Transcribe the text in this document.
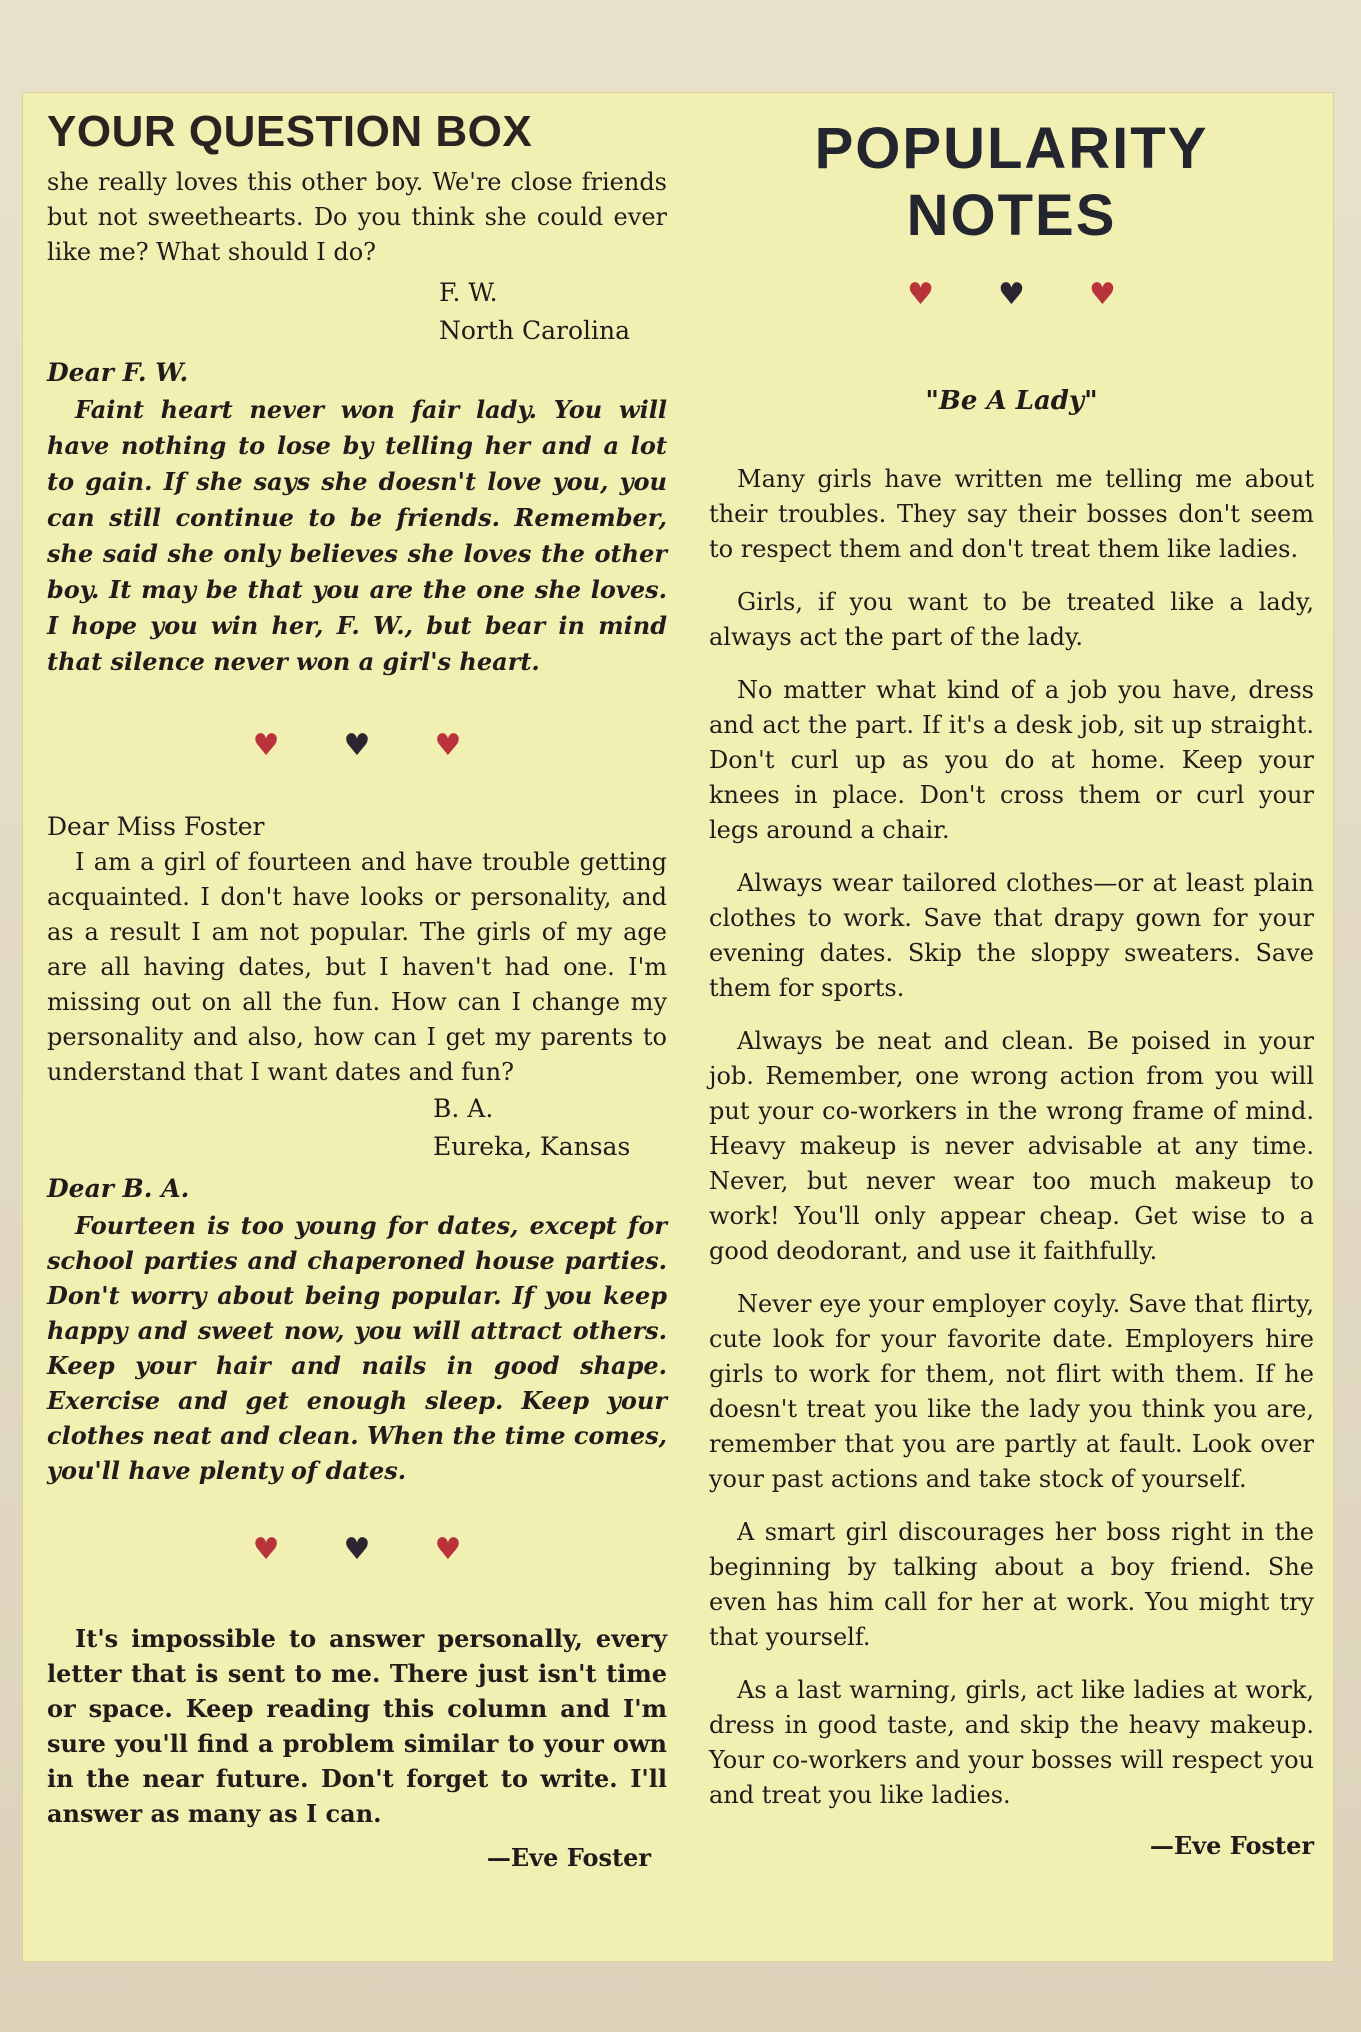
YOUR QUESTION BOX

she really loves this other boy. We're close friends but not sweethearts. Do you think she could ever like me? What should I do?

F. W.
North Carolina
Dear F. W.

Faint heart never won fair lady. You will have nothing to lose by telling her and a lot to gain. If she says she doesn't love you, you can still continue to be friends. Remember, she said she only believes she loves the other boy. It may be that you are the one she loves. I hope you win her, F. W., but bear in mind that silence never won a girl's heart.

♥♥♥
Dear Miss Foster

I am a girl of fourteen and have trouble getting acquainted. I don't have looks or personality, and as a result I am not popular. The girls of my age are all having dates, but I haven't had one. I'm missing out on all the fun. How can I change my personality and also, how can I get my parents to understand that I want dates and fun?

B. A.
Eureka, Kansas
Dear B. A.

Fourteen is too young for dates, except for school parties and chaperoned house parties. Don't worry about being popular. If you keep happy and sweet now, you will attract others. Keep your hair and nails in good shape. Exercise and get enough sleep. Keep your clothes neat and clean. When the time comes, you'll have plenty of dates.

♥♥♥

It's impossible to answer personally, every letter that is sent to me. There just isn't time or space. Keep reading this column and I'm sure you'll find a problem similar to your own in the near future. Don't forget to write. I'll answer as many as I can.

—Eve Foster
POPULARITY NOTES
♥♥♥
"Be A Lady"

Many girls have written me telling me about their troubles. They say their bosses don't seem to respect them and don't treat them like ladies.

Girls, if you want to be treated like a lady, always act the part of the lady.

No matter what kind of a job you have, dress and act the part. If it's a desk job, sit up straight. Don't curl up as you do at home. Keep your knees in place. Don't cross them or curl your legs around a chair.

Always wear tailored clothes—or at least plain clothes to work. Save that drapy gown for your evening dates. Skip the sloppy sweaters. Save them for sports.

Always be neat and clean. Be poised in your job. Remember, one wrong action from you will put your co-workers in the wrong frame of mind. Heavy makeup is never advisable at any time. Never, but never wear too much makeup to work! You'll only appear cheap. Get wise to a good deodorant, and use it faithfully.

Never eye your employer coyly. Save that flirty, cute look for your favorite date. Employers hire girls to work for them, not flirt with them. If he doesn't treat you like the lady you think you are, remember that you are partly at fault. Look over your past actions and take stock of yourself.

A smart girl discourages her boss right in the beginning by talking about a boy friend. She even has him call for her at work. You might try that yourself.

As a last warning, girls, act like ladies at work, dress in good taste, and skip the heavy makeup. Your co-workers and your bosses will respect you and treat you like ladies.

—Eve Foster
